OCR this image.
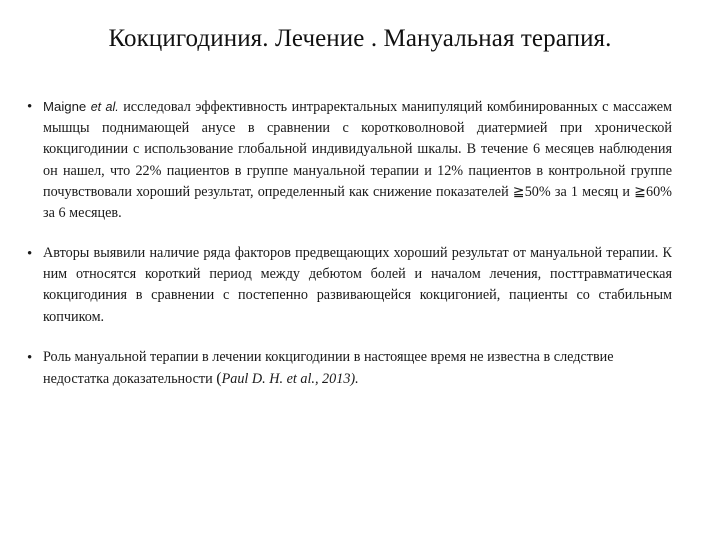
Кокцигодиния. Лечение . Мануальная терапия.
• Maigne et al. исследовал эффективность интраректальных манипуляций комбинированных с массажем мышцы поднимающей анусе в сравнении с коротковолновой диатермией при хронической кокцигодинии с использование глобальной индивидуальной шкалы. В течение 6 месяцев наблюдения он нашел, что 22% пациентов в группе мануальной терапии и 12% пациентов в контрольной группе почувствовали хороший результат, определенный как снижение показателей ≧50% за 1 месяц и ≧60% за 6 месяцев.
• Авторы выявили наличие ряда факторов предвещающих хороший результат от мануальной терапии. К ним относятся короткий период между дебютом болей и началом лечения, посттравматическая кокцигодиния в сравнении с постепенно развивающейся кокцигонией, пациенты со стабильным копчиком.
• Роль мануальной терапии в лечении кокцигодинии в настоящее время не известна в следствие недостатка доказательности (Paul D. H. et al., 2013).
